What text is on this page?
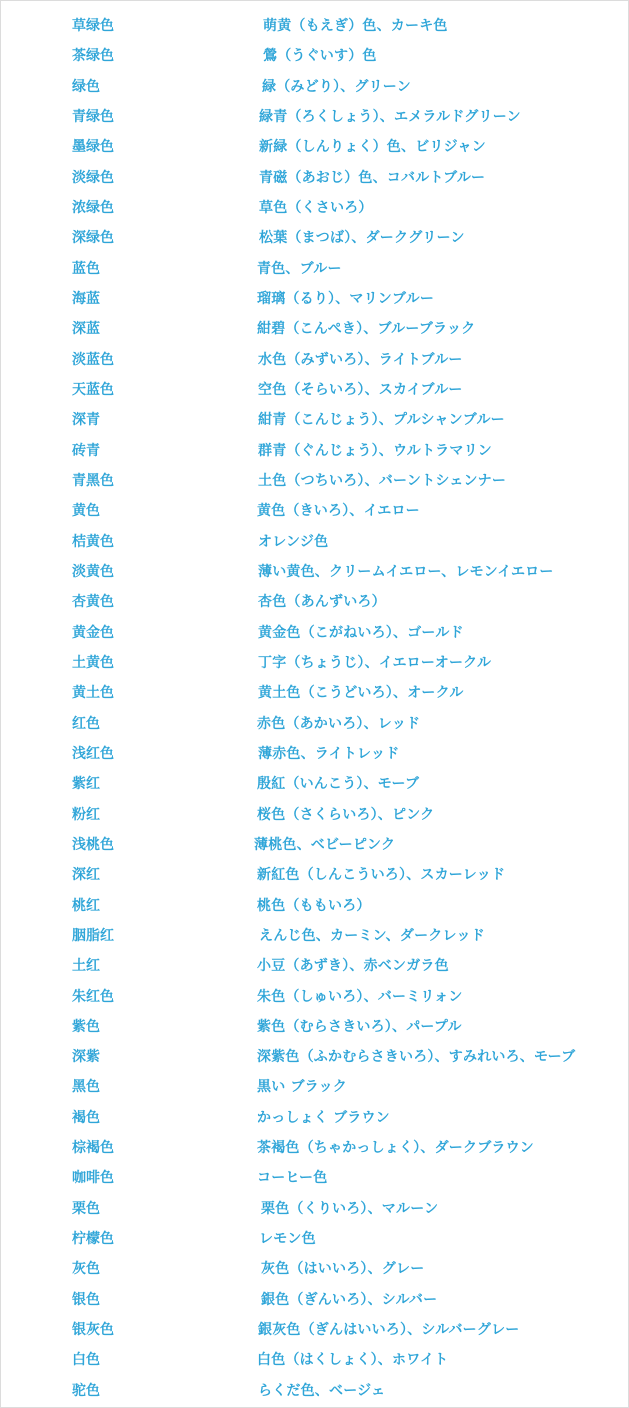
草绿色	萌黄（もえぎ）色、カーキ色
茶绿色	鶯（うぐいす）色
绿色	緑（みどり）、グリーン
青绿色	緑青（ろくしょう）、エメラルドグリーン
墨绿色	新緑（しんりょく）色、ビリジャン
淡绿色	青磁（あおじ）色、コバルトブルー
浓绿色	草色（くさいろ）
深绿色	松葉（まつば）、ダークグリーン
蓝色	青色、ブルー
海蓝	瑠璃（るり）、マリンブルー
深蓝	紺碧（こんぺき）、ブルーブラック
淡蓝色	水色（みずいろ）、ライトブルー
天蓝色	空色（そらいろ）、スカイブルー
深青	紺青（こんじょう）、プルシャンブルー
砖青	群青（ぐんじょう）、ウルトラマリン
青黑色	土色（つちいろ）、バーントシェンナー
黄色	黄色（きいろ）、イエロー
桔黄色	オレンジ色
淡黄色	薄い黄色、クリームイエロー、レモンイエロー
杏黄色	杏色（あんずいろ）
黄金色	黄金色（こがねいろ）、ゴールド
土黄色	丁字（ちょうじ）、イエローオークル
黄土色	黄土色（こうどいろ）、オークル
红色	赤色（あかいろ）、レッド
浅红色	薄赤色、ライトレッド
紫红	殷紅（いんこう）、モーブ
粉红	桜色（さくらいろ）、ピンク
浅桃色	薄桃色、ベビーピンク
深红	新紅色（しんこういろ）、スカーレッド
桃红	桃色（ももいろ）
胭脂红	えんじ色、カーミン、ダークレッド
土红	小豆（あずき）、赤ベンガラ色
朱红色	朱色（しゅいろ）、バーミリォン
紫色	紫色（むらさきいろ）、パープル
深紫	深紫色（ふかむらさきいろ）、すみれいろ、モーブ
黑色	黒い ブラック
褐色	かっしょく ブラウン
棕褐色	茶褐色（ちゃかっしょく）、ダークブラウン
咖啡色	コーヒー色
栗色	栗色（くりいろ）、マルーン
柠檬色	レモン色
灰色	灰色（はいいろ）、グレー
银色	銀色（ぎんいろ）、シルバー
银灰色	銀灰色（ぎんはいいろ）、シルバーグレー
白色	白色（はくしょく）、ホワイト
驼色	らくだ色、ベージェ
